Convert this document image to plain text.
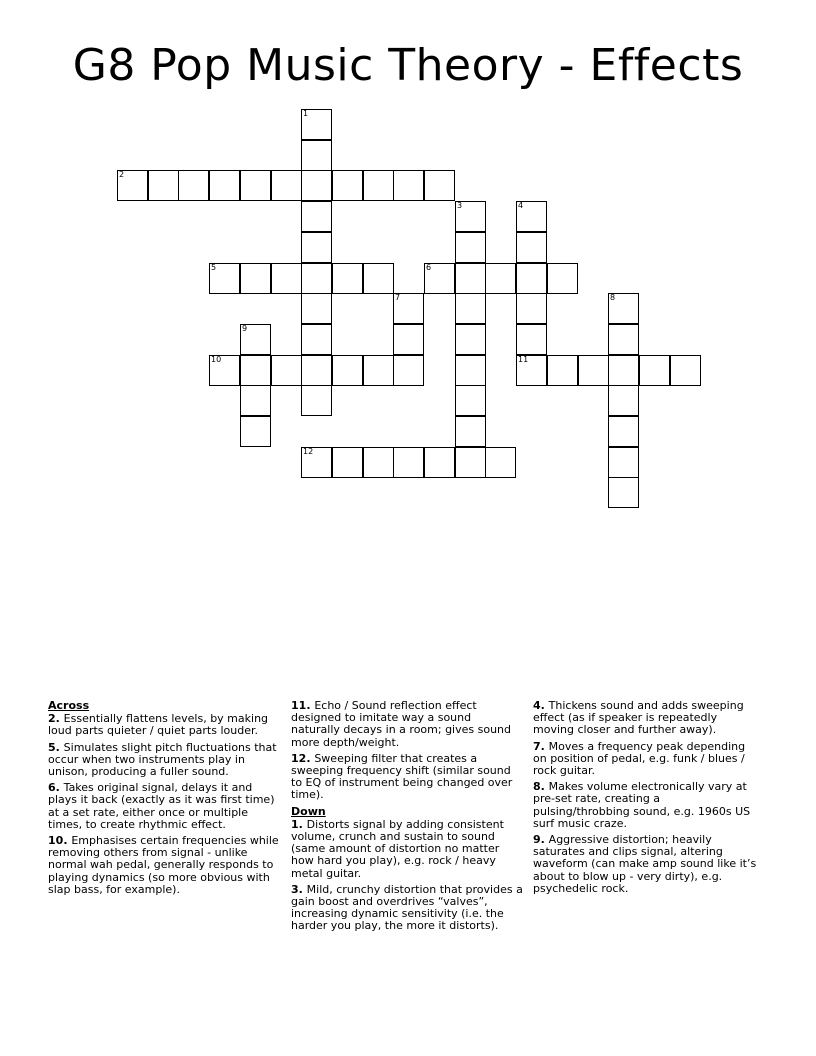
G8 Pop Music Theory - Effects
2
5	6
10	11
12
1
3	4
7	8
9
Across
2. Essentially flattens levels, by making loud parts quieter / quiet parts louder.
5. Simulates slight pitch fluctuations that occur when two instruments play in unison, producing a fuller sound.
6. Takes original signal, delays it and plays it back (exactly as it was first time) at a set rate, either once or multiple times, to create rhythmic effect.
10. Emphasises certain frequencies while removing others from signal - unlike normal wah pedal, generally responds to playing dynamics (so more obvious with slap bass, for example).
11. Echo / Sound reflection effect designed to imitate way a sound naturally decays in a room; gives sound more depth/weight.
12. Sweeping filter that creates a sweeping frequency shift (similar sound to EQ of instrument being changed over time).
Down
1. Distorts signal by adding consistent volume, crunch and sustain to sound (same amount of distortion no matter how hard you play), e.g. rock / heavy metal guitar.
3. Mild, crunchy distortion that provides a gain boost and overdrives “valves”, increasing dynamic sensitivity (i.e. the harder you play, the more it distorts).
4. Thickens sound and adds sweeping effect (as if speaker is repeatedly moving closer and further away).
7. Moves a frequency peak depending on position of pedal, e.g. funk / blues / rock guitar.
8. Makes volume electronically vary at pre-set rate, creating a pulsing/throbbing sound, e.g. 1960s US surf music craze.
9. Aggressive distortion; heavily saturates and clips signal, altering waveform (can make amp sound like it’s about to blow up - very dirty), e.g. psychedelic rock.
